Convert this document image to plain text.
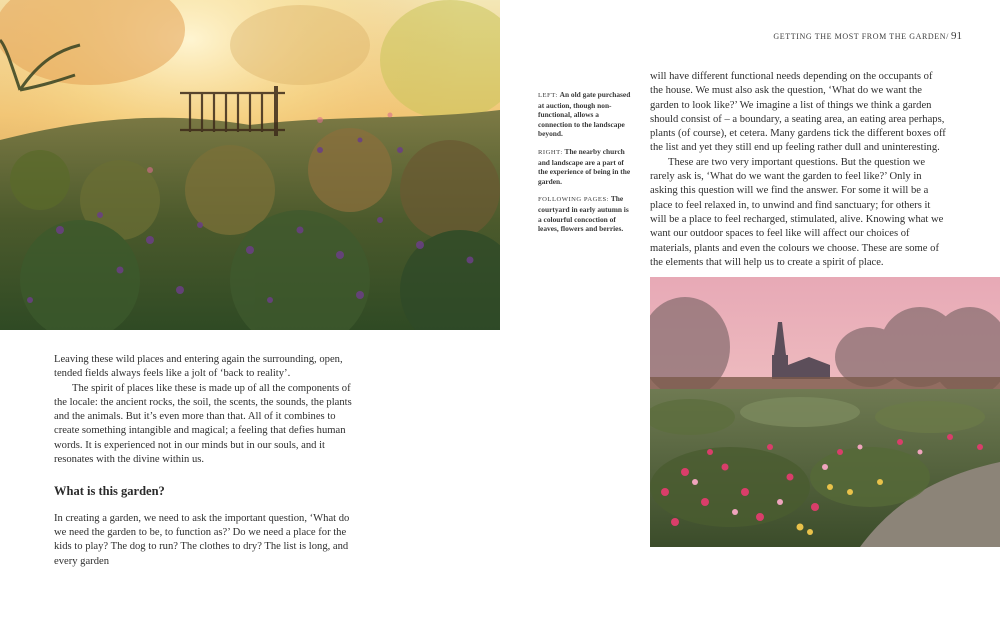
GETTING THE MOST FROM THE GARDEN/ 91

LEFT: An old gate purchased at auction, though non-functional, allows a connection to the landscape beyond.

RIGHT: The nearby church and landscape are a part of the experience of being in the garden.

FOLLOWING PAGES: The courtyard in early autumn is a colourful concoction of leaves, flowers and berries.

will have different functional needs depending on the occupants of the house. We must also ask the question, ‘What do we want the garden to look like?’ We imagine a list of things we think a garden should consist of – a boundary, a seating area, an eating area perhaps, plants (of course), et cetera. Many gardens tick the different boxes off the list and yet they still end up feeling rather dull and uninteresting.

These are two very important questions. But the question we rarely ask is, ‘What do we want the garden to feel like?’ Only in asking this question will we find the answer. For some it will be a place to feel relaxed in, to unwind and find sanctuary; for others it will be a place to feel recharged, stimulated, alive. Knowing what we want our outdoor spaces to feel like will affect our choices of materials, plants and even the colours we choose. These are some of the elements that will help us to create a spirit of place.

Leaving these wild places and entering again the surrounding, open, tended fields always feels like a jolt of ‘back to reality’.

The spirit of places like these is made up of all the components of the locale: the ancient rocks, the soil, the scents, the sounds, the plants and the animals. But it’s even more than that. All of it combines to create something intangible and magical; a feeling that defies human words. It is experienced not in our minds but in our souls, and it resonates with the divine within us.

What is this garden?

In creating a garden, we need to ask the important question, ‘What do we need the garden to be, to function as?’ Do we need a place for the kids to play? The dog to run? The clothes to dry? The list is long, and every garden
